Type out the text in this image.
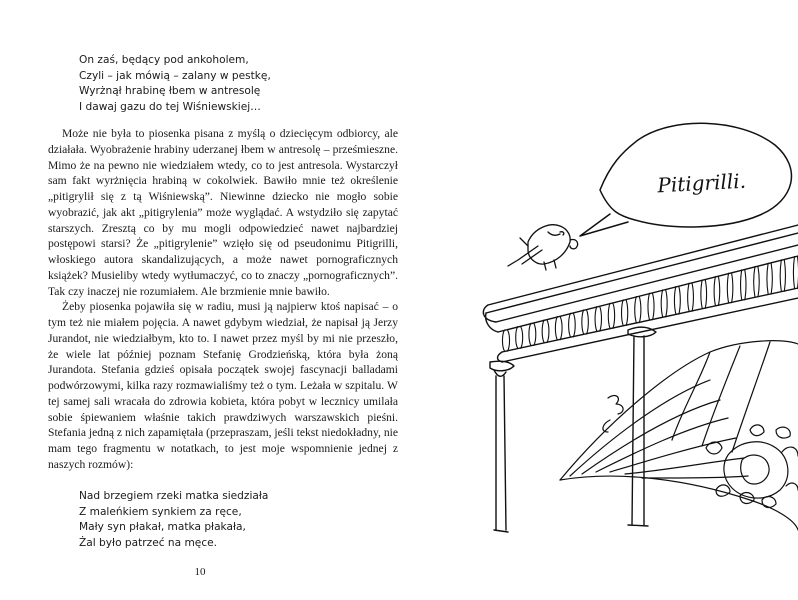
On zaś, będący pod ankoholem,
Czyli – jak mówią – zalany w pestkę,
Wyrżnął hrabinę łbem w antresolę
I dawaj gazu do tej Wiśniewskiej…

Może nie była to piosenka pisana z myślą o dziecięcym odbiorcy, ale działała. Wyobrażenie hrabiny uderzanej łbem w antresolę – prześmieszne. Mimo że na pewno nie wiedziałem wtedy, co to jest antresola. Wystarczył sam fakt wyrżnięcia hrabiną w cokolwiek. Bawiło mnie też określenie „pitigrylił się z tą Wiśniewską”. Niewinne dziecko nie mogło sobie wyobrazić, jak akt „pitigrylenia” może wyglądać. A wstydziło się zapytać starszych. Zresztą co by mu mogli odpowiedzieć nawet najbardziej postępowi starsi? Że „pitigrylenie” wzięło się od pseudonimu Pitigrilli, włoskiego autora skandalizujących, a może nawet pornograficznych książek? Musieliby wtedy wytłumaczyć, co to znaczy „pornograficznych”. Tak czy inaczej nie rozumiałem. Ale brzmienie mnie bawiło.

Żeby piosenka pojawiła się w radiu, musi ją najpierw ktoś napisać – o tym też nie miałem pojęcia. A nawet gdybym wiedział, że napisał ją Jerzy Jurandot, nie wiedziałbym, kto to. I nawet przez myśl by mi nie przeszło, że wiele lat później poznam Stefanię Grodzieńską, która była żoną Jurandota. Stefania gdzieś opisała początek swojej fascynacji balladami podwórzowymi, kilka razy rozmawialiśmy też o tym. Leżała w szpitalu. W tej samej sali wracała do zdrowia kobieta, która pobyt w lecznicy umilała sobie śpiewaniem właśnie takich prawdziwych warszawskich pieśni. Stefania jedną z nich zapamiętała (przepraszam, jeśli tekst niedokładny, nie mam tego fragmentu w notatkach, to jest moje wspomnienie jednej z naszych rozmów):

Nad brzegiem rzeki matka siedziała
Z maleńkiem synkiem za ręce,
Mały syn płakał, matka płakała,
Żal było patrzeć na męce.
10
Pitigrilli.
